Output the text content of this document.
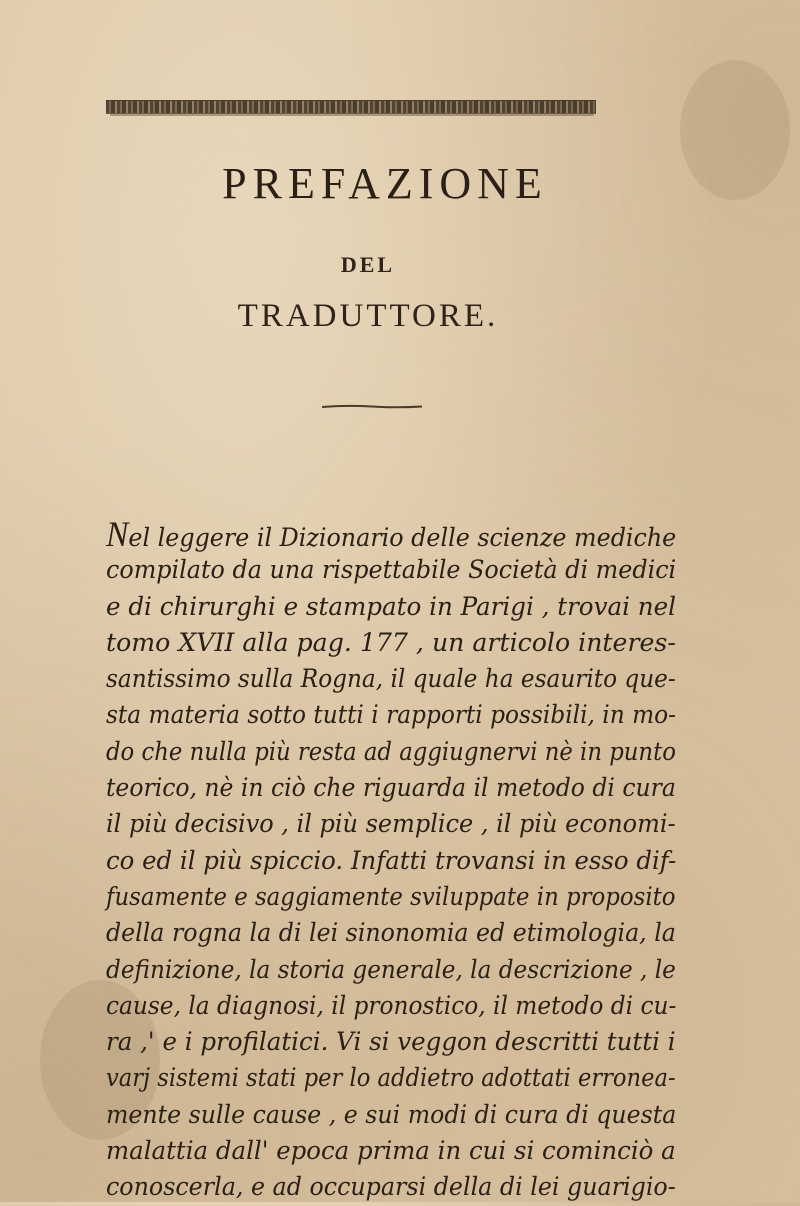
PREFAZIONE
DEL
TRADUTTORE.
Nel leggere il Dizionario delle scienze mediche
compilato da una rispettabile Società di medici
e di chirurghi e stampato in Parigi , trovai nel
tomo XVII alla pag. 177 , un articolo interes-
santissimo sulla Rogna, il quale ha esaurito que-
sta materia sotto tutti i rapporti possibili, in mo-
do che nulla più resta ad aggiugnervi nè in punto
teorico, nè in ciò che riguarda il metodo di cura
il più decisivo , il più semplice , il più economi-
co ed il più spiccio. Infatti trovansi in esso dif-
fusamente e saggiamente sviluppate in proposito
della rogna la di lei sinonomia ed etimologia, la
definizione, la storia generale, la descrizione , le
cause, la diagnosi, il pronostico, il metodo di cu-
ra ,' e i profilatici. Vi si veggon descritti tutti i
varj sistemi stati per lo addietro adottati erronea-
mente sulle cause , e sui modi di cura di questa
malattia dall' epoca prima in cui si cominciò a
conoscerla, e ad occuparsi della di lei guarigio-
